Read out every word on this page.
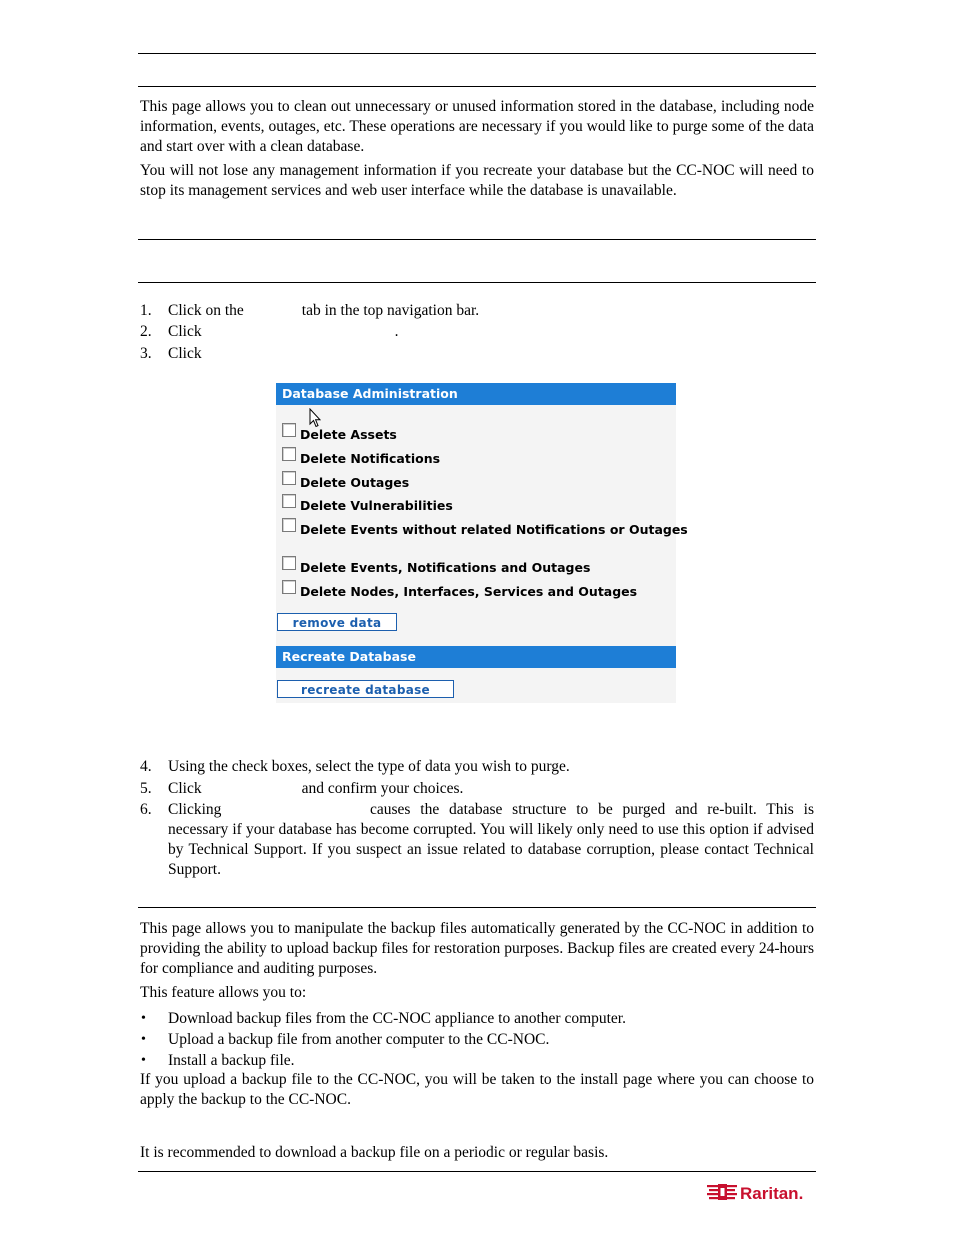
This page allows you to clean out unnecessary or unused information stored in the database, including node information, events, outages, etc. These operations are necessary if you would like to purge some of the data and start over with a clean database.

You will not lose any management information if you recreate your database but the CC-NOC will need to stop its management services and web user interface while the database is unavailable.

1. Click on the	tab in the top navigation bar.
2. Click	.
3. Click
Database Administration
Delete Assets
Delete Notifications
Delete Outages
Delete Vulnerabilities
Delete Events without related Notifications or Outages
Delete Events, Notifications and Outages
Delete Nodes, Interfaces, Services and Outages
remove data
Recreate Database
recreate database
4. Using the check boxes, select the type of data you wish to purge.
5. Click	and confirm your choices.
6. Clicking	causes the database structure to be purged and re-built. This is
necessary if your database has become corrupted. You will likely only need to use this option if advised by Technical Support. If you suspect an issue related to database corruption, please contact Technical Support.

This page allows you to manipulate the backup files automatically generated by the CC-NOC in addition to providing the ability to upload backup files for restoration purposes. Backup files are created every 24-hours for compliance and auditing purposes.

This feature allows you to:

• Download backup files from the CC-NOC appliance to another computer.
• Upload a backup file from another computer to the CC-NOC.
• Install a backup file.

If you upload a backup file to the CC-NOC, you will be taken to the install page where you can choose to apply the backup to the CC-NOC.

It is recommended to download a backup file on a periodic or regular basis.

Raritan.
